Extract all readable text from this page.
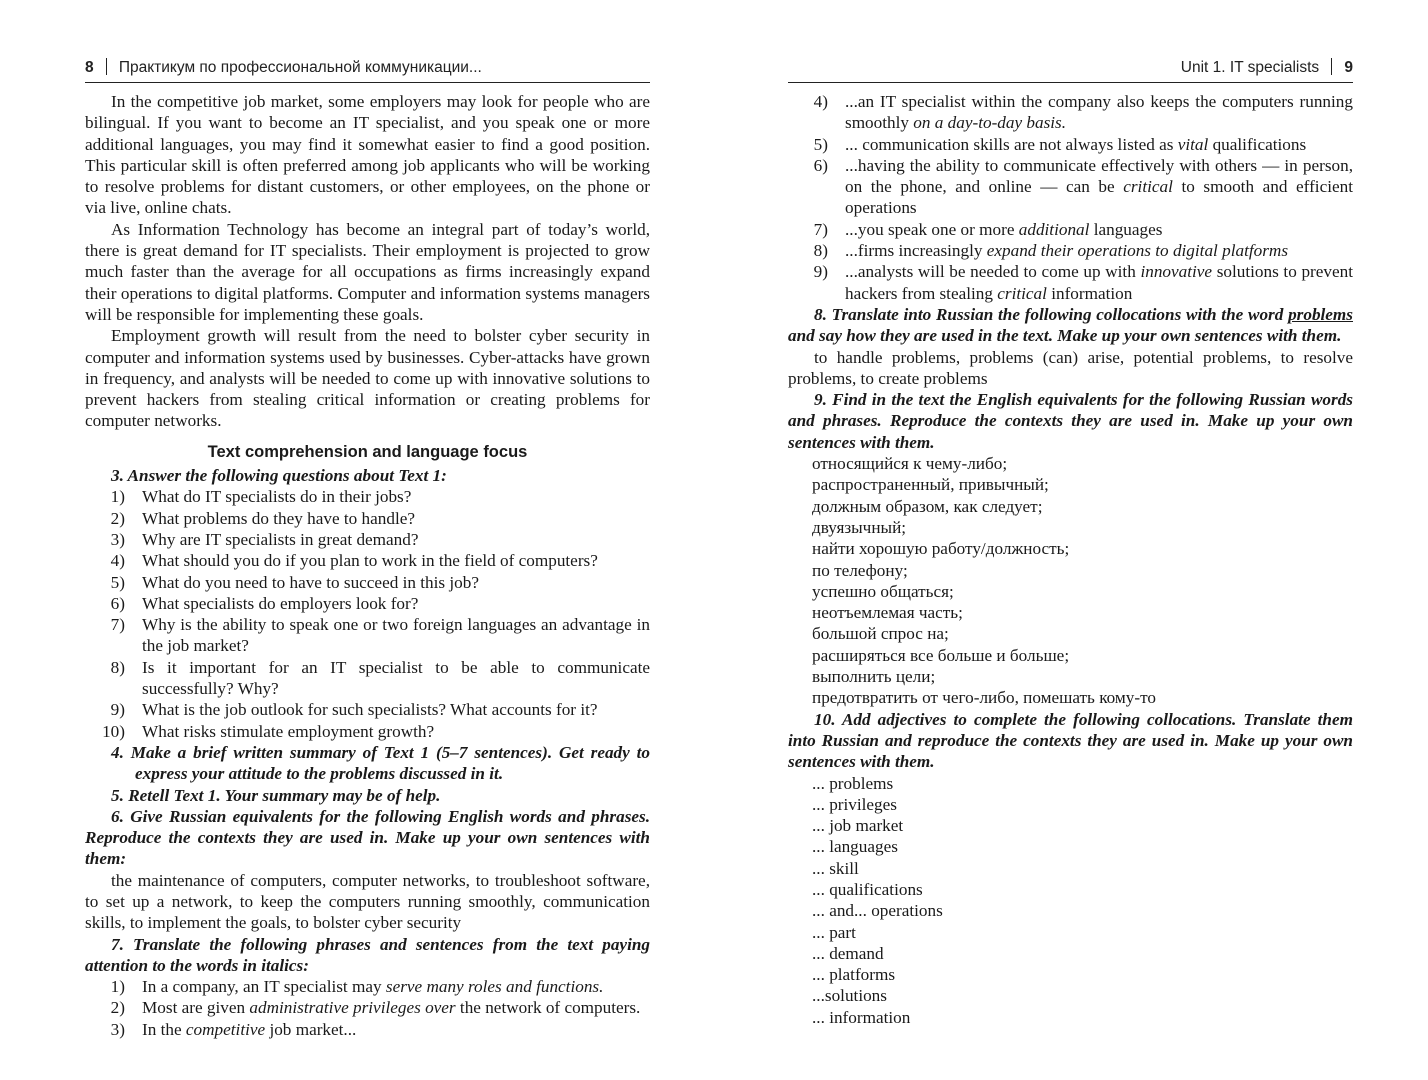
8 Практикум по профессиональной коммуникации...

In the competitive job market, some employers may look for people who are bilingual. If you want to become an IT specialist, and you speak one or more additional languages, you may find it somewhat easier to find a good position. This particular skill is often preferred among job applicants who will be working to resolve problems for distant customers, or other employees, on the phone or via live, online chats.

As Information Technology has become an integral part of today’s world, there is great demand for IT specialists. Their employment is projected to grow much faster than the average for all occupations as firms increasingly expand their operations to digital platforms. Computer and information systems managers will be responsible for implementing these goals.

Employment growth will result from the need to bolster cyber security in computer and information systems used by businesses. Cyber-attacks have grown in frequency, and analysts will be needed to come up with innovative solutions to prevent hackers from stealing critical information or creating problems for computer networks.

Text comprehension and language focus
3. Answer the following questions about Text 1:
1) What do IT specialists do in their jobs?
2) What problems do they have to handle?
3) Why are IT specialists in great demand?
4) What should you do if you plan to work in the field of computers?
5) What do you need to have to succeed in this job?
6) What specialists do employers look for?
7) Why is the ability to speak one or two foreign languages an advantage in the job market?
8) Is it important for an IT specialist to be able to communicate successfully? Why?
9) What is the job outlook for such specialists? What accounts for it?
10) What risks stimulate employment growth?
4. Make a brief written summary of Text 1 (5–7 sentences). Get ready to express your attitude to the problems discussed in it.
5. Retell Text 1. Your summary may be of help.
6. Give Russian equivalents for the following English words and phrases. Reproduce the contexts they are used in. Make up your own sentences with them:

the maintenance of computers, computer networks, to troubleshoot software, to set up a network, to keep the computers running smoothly, communication skills, to implement the goals, to bolster cyber security

7. Translate the following phrases and sentences from the text paying attention to the words in italics:
1) In a company, an IT specialist may serve many roles and functions.
2) Most are given administrative privileges over the network of computers.
3) In the competitive job market...
Unit 1. IT specialists 9
4) ...an IT specialist within the company also keeps the computers running smoothly on a day-to-day basis.
5) ... communication skills are not always listed as vital qualifications
6) ...having the ability to communicate effectively with others — in person, on the phone, and online — can be critical to smooth and efficient operations
7) ...you speak one or more additional languages
8) ...firms increasingly expand their operations to digital platforms
9) ...analysts will be needed to come up with innovative solutions to prevent hackers from stealing critical information
8. Translate into Russian the following collocations with the word problems and say how they are used in the text. Make up your own sentences with them.

to handle problems, problems (can) arise, potential problems, to resolve problems, to create problems

9. Find in the text the English equivalents for the following Russian words and phrases. Reproduce the contexts they are used in. Make up your own sentences with them.
относящийся к чему-либо;
распространенный, привычный;
должным образом, как следует;
двуязычный;
найти хорошую работу/должность;
по телефону;
успешно общаться;
неотъемлемая часть;
большой спрос на;
расширяться все больше и больше;
выполнить цели;
предотвратить от чего-либо, помешать кому-то
10. Add adjectives to complete the following collocations. Translate them into Russian and reproduce the contexts they are used in. Make up your own sentences with them.
... problems
... privileges
... job market
... languages
... skill
... qualifications
... and... operations
... part
... demand
... platforms
...solutions
... information
